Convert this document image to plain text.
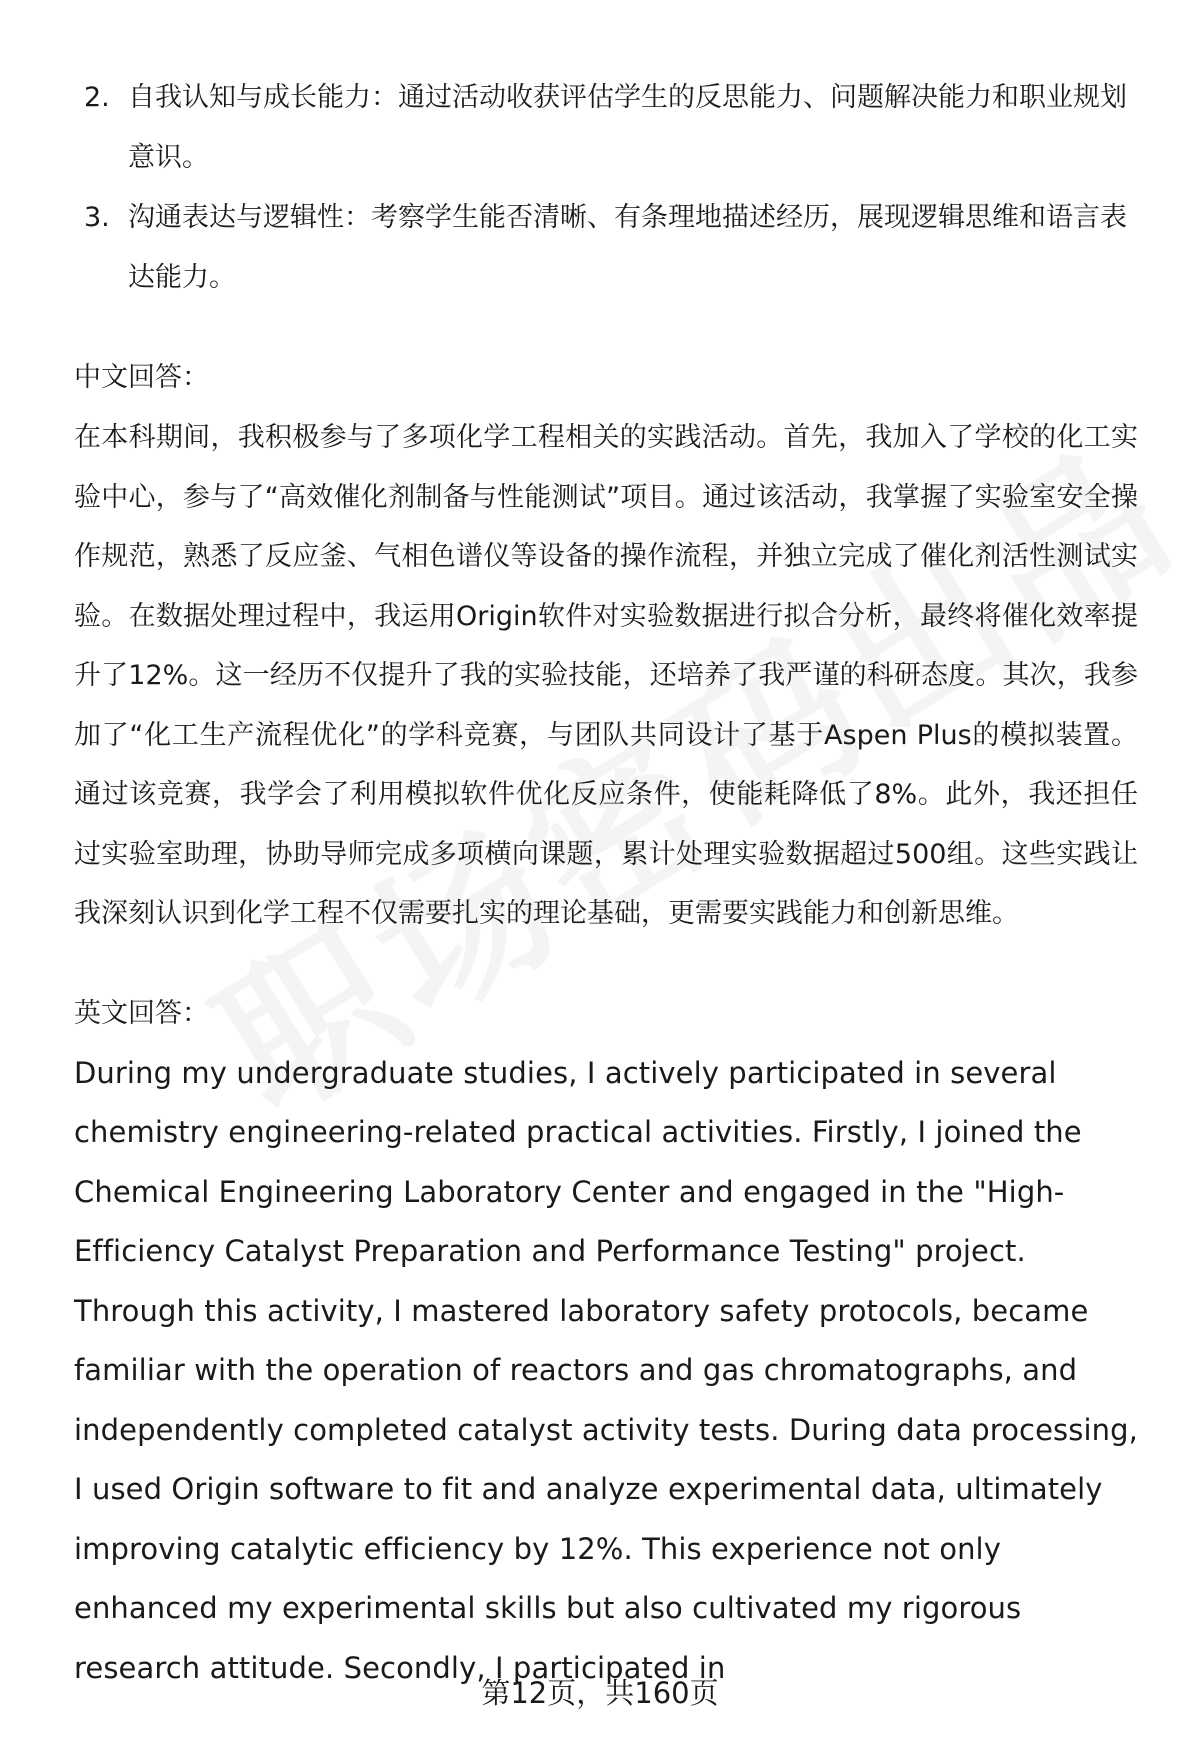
2. 自我认知与成长能力：通过活动收获评估学生的反思能力、问题解决能力和职业规划意识。
3. 沟通表达与逻辑性：考察学生能否清晰、有条理地描述经历，展现逻辑思维和语言表达能力。
中文回答：

在本科期间，我积极参与了多项化学工程相关的实践活动。首先，我加入了学校的化工实验中心，参与了“高效催化剂制备与性能测试”项目。通过该活动，我掌握了实验室安全操作规范，熟悉了反应釜、气相色谱仪等设备的操作流程，并独立完成了催化剂活性测试实验。在数据处理过程中，我运用Origin软件对实验数据进行拟合分析，最终将催化效率提升了12%。这一经历不仅提升了我的实验技能，还培养了我严谨的科研态度。其次，我参加了“化工生产流程优化”的学科竞赛，与团队共同设计了基于Aspen Plus的模拟装置。通过该竞赛，我学会了利用模拟软件优化反应条件，使能耗降低了8%。此外，我还担任过实验室助理，协助导师完成多项横向课题，累计处理实验数据超过500组。这些实践让我深刻认识到化学工程不仅需要扎实的理论基础，更需要实践能力和创新思维。

英文回答：

During my undergraduate studies, I actively participated in several chemistry engineering-related practical activities. Firstly, I joined the Chemical Engineering Laboratory Center and engaged in the "High-Efficiency Catalyst Preparation and Performance Testing" project. Through this activity, I mastered laboratory safety protocols, became familiar with the operation of reactors and gas chromatographs, and independently completed catalyst activity tests. During data processing, I used Origin software to fit and analyze experimental data, ultimately improving catalytic efficiency by 12%. This experience not only enhanced my experimental skills but also cultivated my rigorous research attitude. Secondly, I participated in

第12页，共160页
